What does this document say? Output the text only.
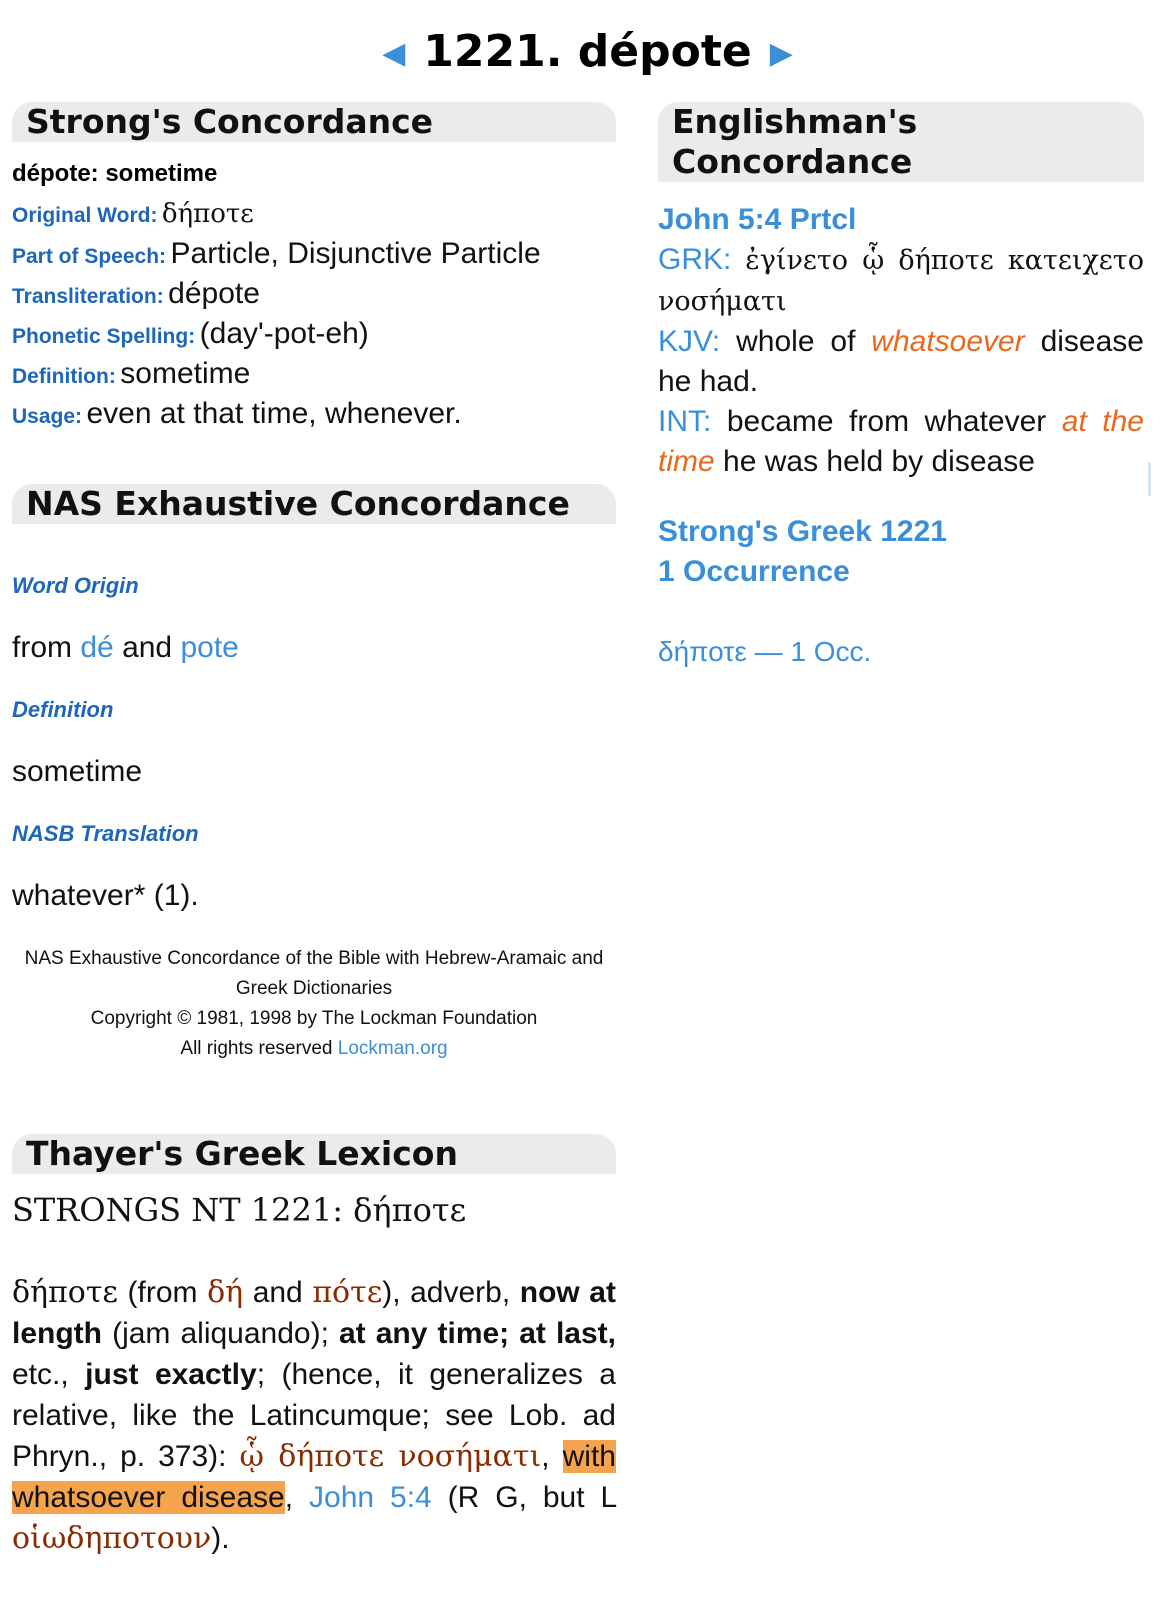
◀ 1221. dépote ▶
Strong's Concordance
dépote: sometime
Original Word: δήποτε
Part of Speech: Particle, Disjunctive Particle
Transliteration: dépote
Phonetic Spelling: (day'-pot-eh)
Definition: sometime
Usage: even at that time, whenever.
NAS Exhaustive Concordance
Word Origin
from dé and pote
Definition
sometime
NASB Translation
whatever* (1).
NAS Exhaustive Concordance of the Bible with Hebrew-Aramaic and Greek Dictionaries
Copyright © 1981, 1998 by The Lockman Foundation
All rights reserved Lockman.org
Thayer's Greek Lexicon
STRONGS NT 1221: δήποτε
δήποτε (from δή and πότε), adverb, now at length (jam aliquando); at any time; at last, etc., just exactly; (hence, it generalizes a relative, like the Latincumque; see Lob. ad Phryn., p. 373): ᾧ δήποτε νοσήματι, with whatsoever disease, John 5:4 (R G, but L οἱωδηποτουν).
Englishman's Concordance
John 5:4 Prtcl
GRK: ἐγίνετο ᾧ δήποτε κατειχετο νοσήματι
KJV: whole of whatsoever disease he had.
INT: became from whatever at the time he was held by disease
Strong's Greek 1221
1 Occurrence
δήποτε — 1 Occ.
